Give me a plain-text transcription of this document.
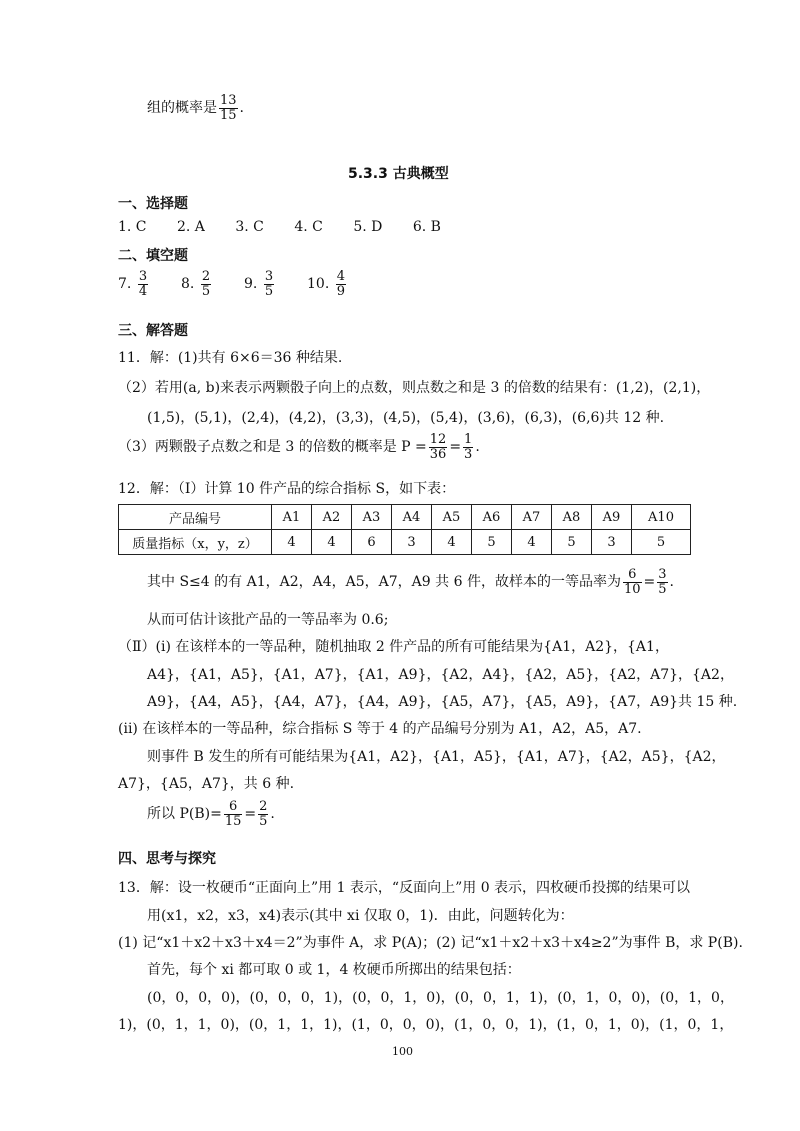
组的概率是 $\frac{13}{15}$ .
5.3.3 古典概型
一、选择题
1. C 2. A 3. C 4. C 5. D 6. B
二、填空题
7. $\frac{3}{4} 8$. $\frac{2}{5} 9$. $\frac{3}{5} 10$. $\frac{4}{9}$
三、解答题
11．解：(1)共有 6×6＝36 种结果.
（2）若用(a, b)来表示两颗骰子向上的点数，则点数之和是 3 的倍数的结果有：(1,2)，(2,1)，
(1,5)，(5,1)，(2,4)，(4,2)，(3,3)，(4,5)，(5,4)，(3,6)，(6,3)，(6,6)共 12 种.
（3）两颗骰子点数之和是 3 的倍数的概率是 $P = \frac{12}{36} = \frac{1}{3}$ .
12．解：（Ⅰ）计算 10 件产品的综合指标 S，如下表：
产品编号	A1	A2	A3	A4	A5	A6	A7	A8	A9	A10
质量指标（x，y，z）	4	4	6	3	4	5	4	5	3	5
其中 S≤4 的有 A1，A2，A4，A5，A7，A9 共 6 件，故样本的一等品率为 $\frac{6}{10} = \frac{3}{5}$ .
从而可估计该批产品的一等品率为 0.6;
（Ⅱ）(i) 在该样本的一等品种，随机抽取 2 件产品的所有可能结果为{A1，A2}，{A1，
A4}，{A1，A5}，{A1，A7}，{A1，A9}，{A2，A4}，{A2，A5}，{A2，A7}，{A2，
A9}，{A4，A5}，{A4，A7}，{A4，A9}，{A5，A7}，{A5，A9}，{A7，A9}共 15 种.
(ii) 在该样本的一等品种，综合指标 S 等于 4 的产品编号分别为 A1，A2，A5，A7.
则事件 B 发生的所有可能结果为{A1，A2}，{A1，A5}，{A1，A7}，{A2，A5}，{A2，
A7}，{A5，A7}，共 6 种.
所以 $P(B)= \frac{6}{15} = \frac{2}{5}$ .
四、思考与探究
13．解：设一枚硬币“正面向上”用 1 表示，“反面向上”用 0 表示，四枚硬币投掷的结果可以
用(x1，x2，x3，x4)表示(其中 xi 仅取 0，1)．由此，问题转化为：
(1) 记“x1＋x2＋x3＋x4＝2”为事件 A，求 P(A)；(2) 记“x1＋x2＋x3＋x4≥2”为事件 B，求 P(B).
首先，每个 xi 都可取 0 或 1，4 枚硬币所掷出的结果包括：
(0，0，0，0)，(0，0，0，1)，(0，0，1，0)，(0，0，1，1)，(0，1，0，0)，(0，1，0，
1)，(0，1，1，0)，(0，1，1，1)，(1，0，0，0)，(1，0，0，1)，(1，0，1，0)，(1，0，1，
100
